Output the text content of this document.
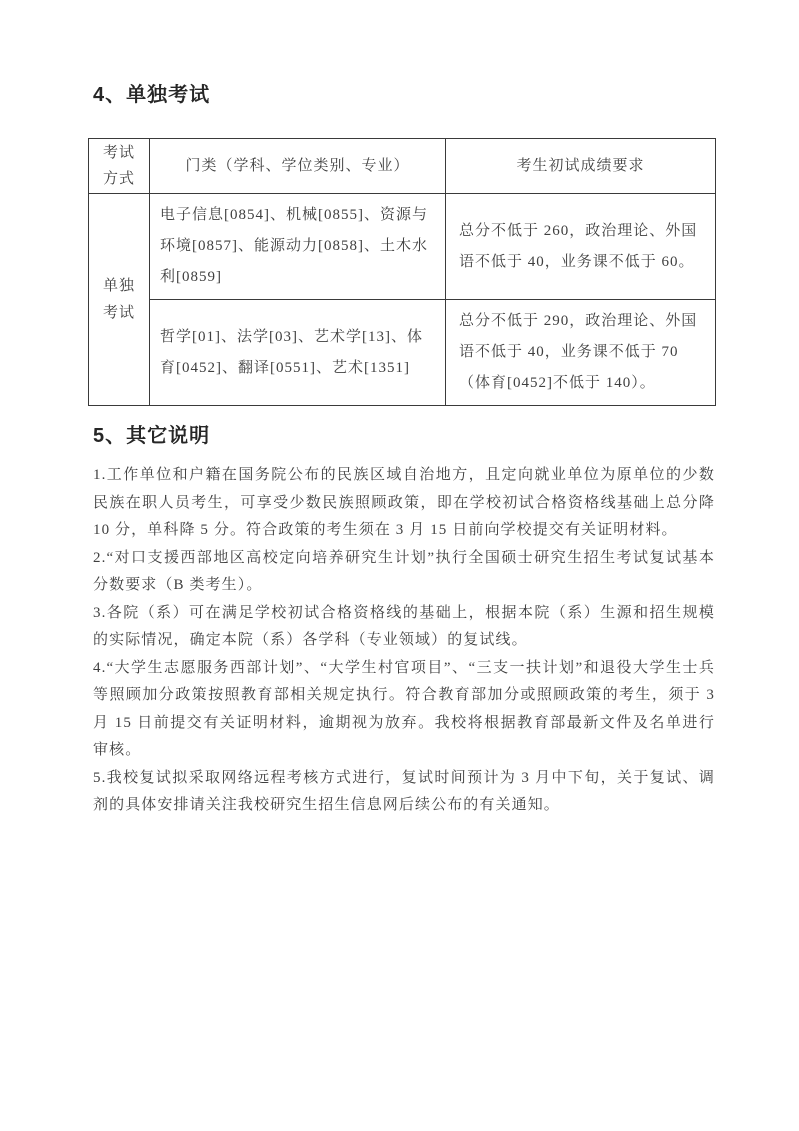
4、单独考试
考试方式	门类（学科、学位类别、专业）	考生初试成绩要求
单独考试	电子信息[0854]、机械[0855]、资源与环境[0857]、能源动力[0858]、土木水利[0859]	总分不低于 260，政治理论、外国语不低于 40，业务课不低于 60。
	哲学[01]、法学[03]、艺术学[13]、体育[0452]、翻译[0551]、艺术[1351]	总分不低于 290，政治理论、外国语不低于 40，业务课不低于 70（体育[0452]不低于 140）。
5、其它说明

1.工作单位和户籍在国务院公布的民族区域自治地方，且定向就业单位为原单位的少数民族在职人员考生，可享受少数民族照顾政策，即在学校初试合格资格线基础上总分降 10 分，单科降 5 分。符合政策的考生须在 3 月 15 日前向学校提交有关证明材料。

2.“对口支援西部地区高校定向培养研究生计划”执行全国硕士研究生招生考试复试基本分数要求（B 类考生）。

3.各院（系）可在满足学校初试合格资格线的基础上，根据本院（系）生源和招生规模的实际情况，确定本院（系）各学科（专业领域）的复试线。

4.“大学生志愿服务西部计划”、“大学生村官项目”、“三支一扶计划”和退役大学生士兵等照顾加分政策按照教育部相关规定执行。符合教育部加分或照顾政策的考生，须于 3 月 15 日前提交有关证明材料，逾期视为放弃。我校将根据教育部最新文件及名单进行审核。

5.我校复试拟采取网络远程考核方式进行，复试时间预计为 3 月中下旬，关于复试、调剂的具体安排请关注我校研究生招生信息网后续公布的有关通知。
